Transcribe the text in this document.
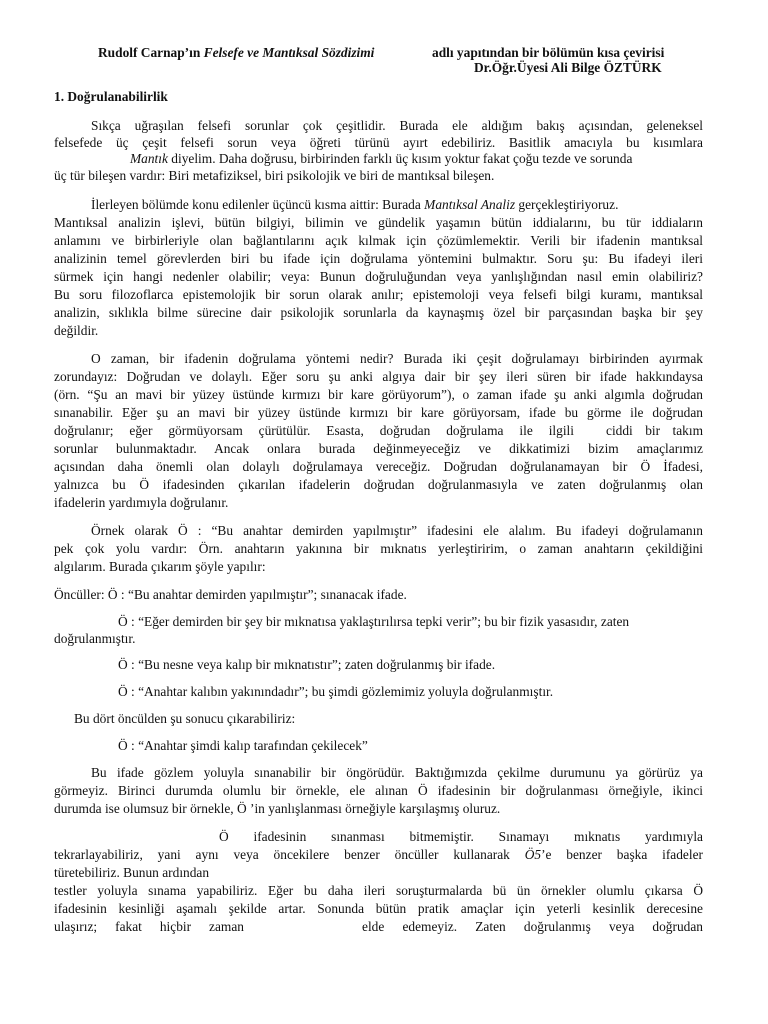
Rudolf Carnap’ın Felsefe ve Mantıksal Sözdizimi	adlı yapıtından bir bölümün kısa çevirisi
Dr.Öğr.Üyesi Ali Bilge ÖZTÜRK
1. Doğrulanabilirlik
Sıkça uğraşılan felsefi sorunlar çok çeşitlidir. Burada ele aldığım bakış açısından, geleneksel
felsefede üç çeşit felsefi sorun veya öğreti türünü ayırt edebiliriz. Basitlik amacıyla bu kısımlara
Mantık diyelim. Daha doğrusu, birbirinden farklı üç kısım yoktur fakat çoğu tezde ve sorunda
üç tür bileşen vardır: Biri metafiziksel, biri psikolojik ve biri de mantıksal bileşen.
İlerleyen bölümde konu edilenler üçüncü kısma aittir: Burada Mantıksal Analiz gerçekleştiriyoruz.
Mantıksal analizin işlevi, bütün bilgiyi, bilimin ve gündelik yaşamın bütün iddialarını, bu tür iddiaların
anlamını ve birbirleriyle olan bağlantılarını açık kılmak için çözümlemektir. Verili bir ifadenin mantıksal
analizinin temel görevlerden biri bu ifade için doğrulama yöntemini bulmaktır. Soru şu: Bu ifadeyi ileri
sürmek için hangi nedenler olabilir; veya: Bunun doğruluğundan veya yanlışlığından nasıl emin olabiliriz?
Bu soru filozoflarca epistemolojik bir sorun olarak anılır; epistemoloji veya felsefi bilgi kuramı, mantıksal
analizin, sıklıkla bilme sürecine dair psikolojik sorunlarla da kaynaşmış özel bir parçasından başka bir şey
değildir.
O zaman, bir ifadenin doğrulama yöntemi nedir? Burada iki çeşit doğrulamayı birbirinden ayırmak
zorundayız: Doğrudan ve dolaylı. Eğer soru şu anki algıya dair bir şey ileri süren bir ifade hakkındaysa
(örn. “Şu an mavi bir yüzey üstünde kırmızı bir kare görüyorum”), o zaman ifade şu anki algımla doğrudan
sınanabilir. Eğer şu an mavi bir yüzey üstünde kırmızı bir kare görüyorsam, ifade bu görme ile doğrudan
doğrulanır; eğer görmüyorsam çürütülür. Esasta, doğrudan doğrulama ile ilgili ciddi bir takım
sorunlar bulunmaktadır. Ancak onlara burada değinmeyeceğiz ve dikkatimizi bizim amaçlarımız
açısından daha önemli olan dolaylı doğrulamaya vereceğiz. Doğrudan doğrulanamayan bir Ö İfadesi,
yalnızca bu Ö ifadesinden çıkarılan ifadelerin doğrudan doğrulanmasıyla ve zaten doğrulanmış olan
ifadelerin yardımıyla doğrulanır.
Örnek olarak Ö : “Bu anahtar demirden yapılmıştır” ifadesini ele alalım. Bu ifadeyi doğrulamanın
pek çok yolu vardır: Örn. anahtarın yakınına bir mıknatıs yerleştiririm, o zaman anahtarın çekildiğini
algılarım. Burada çıkarım şöyle yapılır:
Öncüller: Ö : “Bu anahtar demirden yapılmıştır”; sınanacak ifade.
Ö : “Eğer demirden bir şey bir mıknatısa yaklaştırılırsa tepki verir”; bu bir fizik yasasıdır, zaten
doğrulanmıştır.
Ö : “Bu nesne veya kalıp bir mıknatıstır”; zaten doğrulanmış bir ifade.
Ö : “Anahtar kalıbın yakınındadır”; bu şimdi gözlemimiz yoluyla doğrulanmıştır.
Bu dört öncülden şu sonucu çıkarabiliriz:
Ö : “Anahtar şimdi kalıp tarafından çekilecek”
Bu ifade gözlem yoluyla sınanabilir bir öngörüdür. Baktığımızda çekilme durumunu ya görürüz ya
görmeyiz. Birinci durumda olumlu bir örnekle, ele alınan Ö ifadesinin bir doğrulanması örneğiyle, ikinci
durumda ise olumsuz bir örnekle, Ö ’in yanlışlanması örneğiyle karşılaşmış oluruz.
Ö ifadesinin sınanması bitmemiştir. Sınamayı mıknatıs yardımıyla
tekrarlayabiliriz, yani aynı veya öncekilere benzer öncüller kullanarak Ö5’e benzer başka ifadeler
türetebiliriz. Bunun ardından
testler yoluyla sınama yapabiliriz. Eğer bu daha ileri soruşturmalarda bü ün örnekler olumlu çıkarsa Ö
ifadesinin kesinliği aşamalı şekilde artar. Sonunda bütün pratik amaçlar için yeterli kesinlik derecesine
ulaşırız; fakat hiçbir zaman	elde edemeyiz. Zaten doğrulanmış veya doğrudan
